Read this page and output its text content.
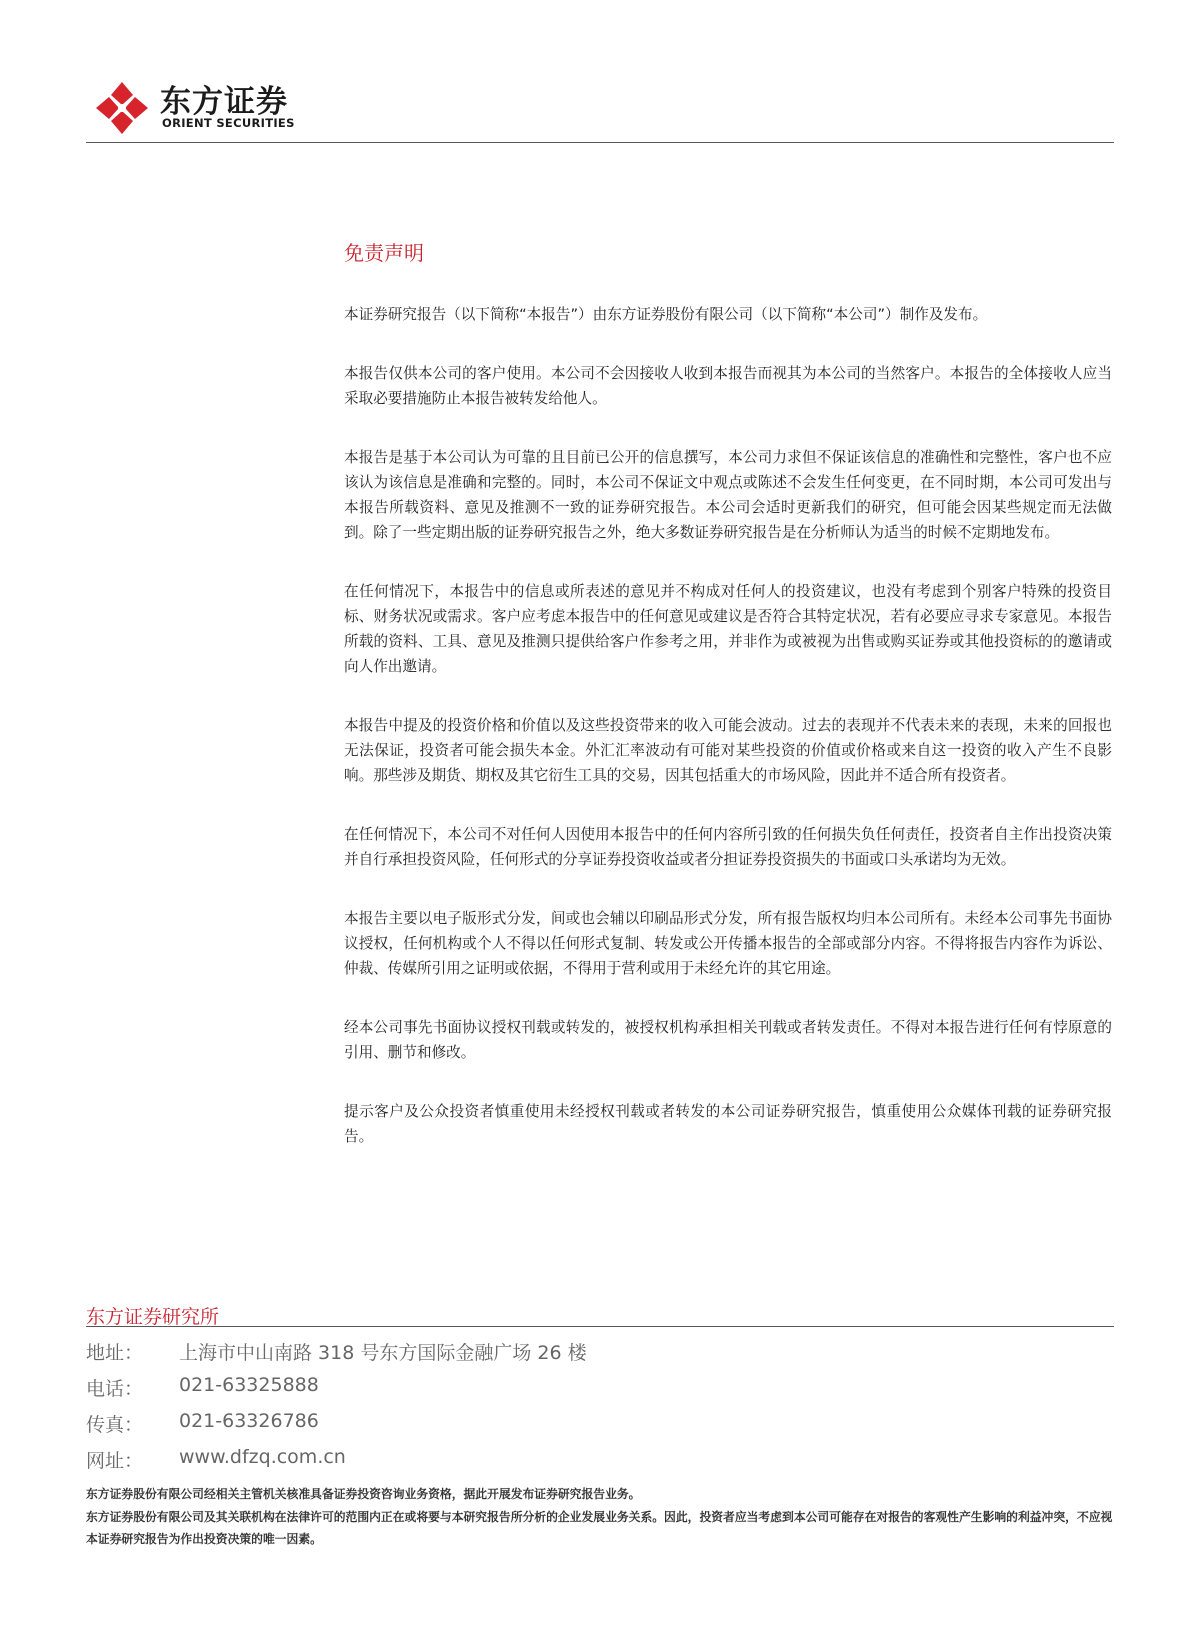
东方证券
ORIENT SECURITIES
免责声明

本证券研究报告（以下简称“本报告”）由东方证券股份有限公司（以下简称“本公司”）制作及发布。

本报告仅供本公司的客户使用。本公司不会因接收人收到本报告而视其为本公司的当然客户。本报告的全体接收人应当采取必要措施防止本报告被转发给他人。

本报告是基于本公司认为可靠的且目前已公开的信息撰写，本公司力求但不保证该信息的准确性和完整性，客户也不应该认为该信息是准确和完整的。同时，本公司不保证文中观点或陈述不会发生任何变更，在不同时期，本公司可发出与本报告所载资料、意见及推测不一致的证券研究报告。本公司会适时更新我们的研究，但可能会因某些规定而无法做到。除了一些定期出版的证券研究报告之外，绝大多数证券研究报告是在分析师认为适当的时候不定期地发布。

在任何情况下，本报告中的信息或所表述的意见并不构成对任何人的投资建议，也没有考虑到个别客户特殊的投资目标、财务状况或需求。客户应考虑本报告中的任何意见或建议是否符合其特定状况，若有必要应寻求专家意见。本报告所载的资料、工具、意见及推测只提供给客户作参考之用，并非作为或被视为出售或购买证券或其他投资标的的邀请或向人作出邀请。

本报告中提及的投资价格和价值以及这些投资带来的收入可能会波动。过去的表现并不代表未来的表现，未来的回报也无法保证，投资者可能会损失本金。外汇汇率波动有可能对某些投资的价值或价格或来自这一投资的收入产生不良影响。那些涉及期货、期权及其它衍生工具的交易，因其包括重大的市场风险，因此并不适合所有投资者。

在任何情况下，本公司不对任何人因使用本报告中的任何内容所引致的任何损失负任何责任，投资者自主作出投资决策并自行承担投资风险，任何形式的分享证券投资收益或者分担证券投资损失的书面或口头承诺均为无效。

本报告主要以电子版形式分发，间或也会辅以印刷品形式分发，所有报告版权均归本公司所有。未经本公司事先书面协议授权，任何机构或个人不得以任何形式复制、转发或公开传播本报告的全部或部分内容。不得将报告内容作为诉讼、仲裁、传媒所引用之证明或依据，不得用于营利或用于未经允许的其它用途。

经本公司事先书面协议授权刊载或转发的，被授权机构承担相关刊载或者转发责任。不得对本报告进行任何有悖原意的引用、删节和修改。

提示客户及公众投资者慎重使用未经授权刊载或者转发的本公司证券研究报告，慎重使用公众媒体刊载的证券研究报告。

东方证券研究所
地址： 上海市中山南路 318 号东方国际金融广场 26 楼
电话： 021-63325888
传真： 021-63326786
网址： www.dfzq.com.cn
东方证券股份有限公司经相关主管机关核准具备证券投资咨询业务资格，据此开展发布证券研究报告业务。
东方证券股份有限公司及其关联机构在法律许可的范围内正在或将要与本研究报告所分析的企业发展业务关系。因此，投资者应当考虑到本公司可能存在对报告的客观性产生影响的利益冲突，不应视本证券研究报告为作出投资决策的唯一因素。
